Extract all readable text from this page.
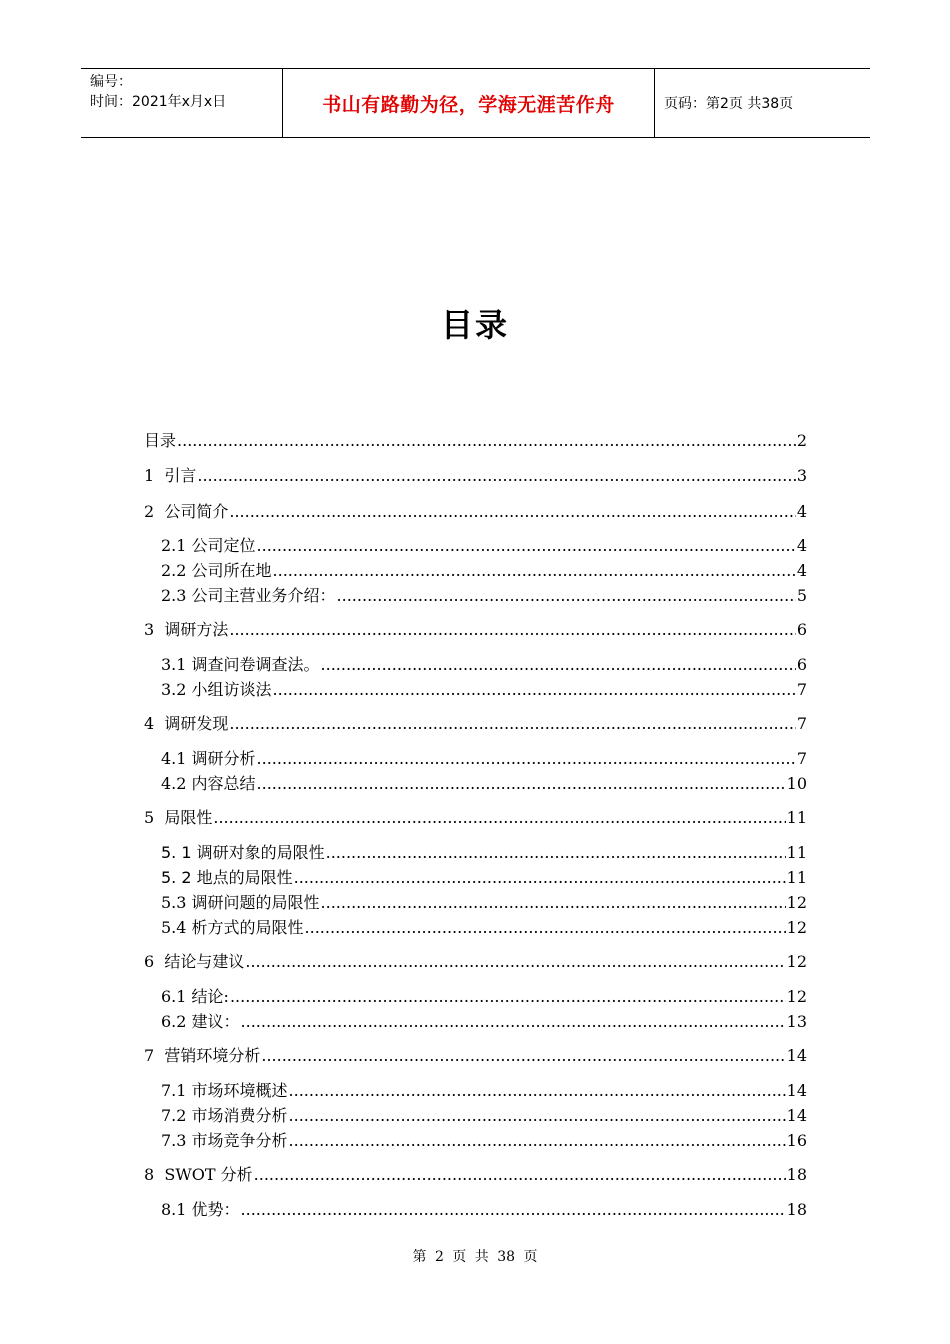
编号：
时间：2021年x月x日	书山有路勤为径，学海无涯苦作舟	页码：第2页 共38页
目录
目录 .....	2
1  引言 .....	3
2  公司简介 .....	4
2.1 公司定位 .....	4
2.2 公司所在地 .....	4
2.3 公司主营业务介绍： .....	5
3  调研方法 .....	6
3.1 调查问卷调查法。 .....	6
3.2 小组访谈法 .....	7
4  调研发现 .....	7
4.1 调研分析 .....	7
4.2 内容总结 .....	10
5  局限性 .....	11
5. 1 调研对象的局限性 .....	11
5. 2 地点的局限性 .....	11
5.3 调研问题的局限性 .....	12
5.4 析方式的局限性 .....	12
6  结论与建议 .....	12
6.1 结论: .....	12
6.2 建议： .....	13
7  营销环境分析 .....	14
7.1 市场环境概述 .....	14
7.2 市场消费分析 .....	14
7.3 市场竞争分析 .....	16
8  SWOT 分析 .....	18
8.1 优势： .....	18
第 2 页 共 38 页
